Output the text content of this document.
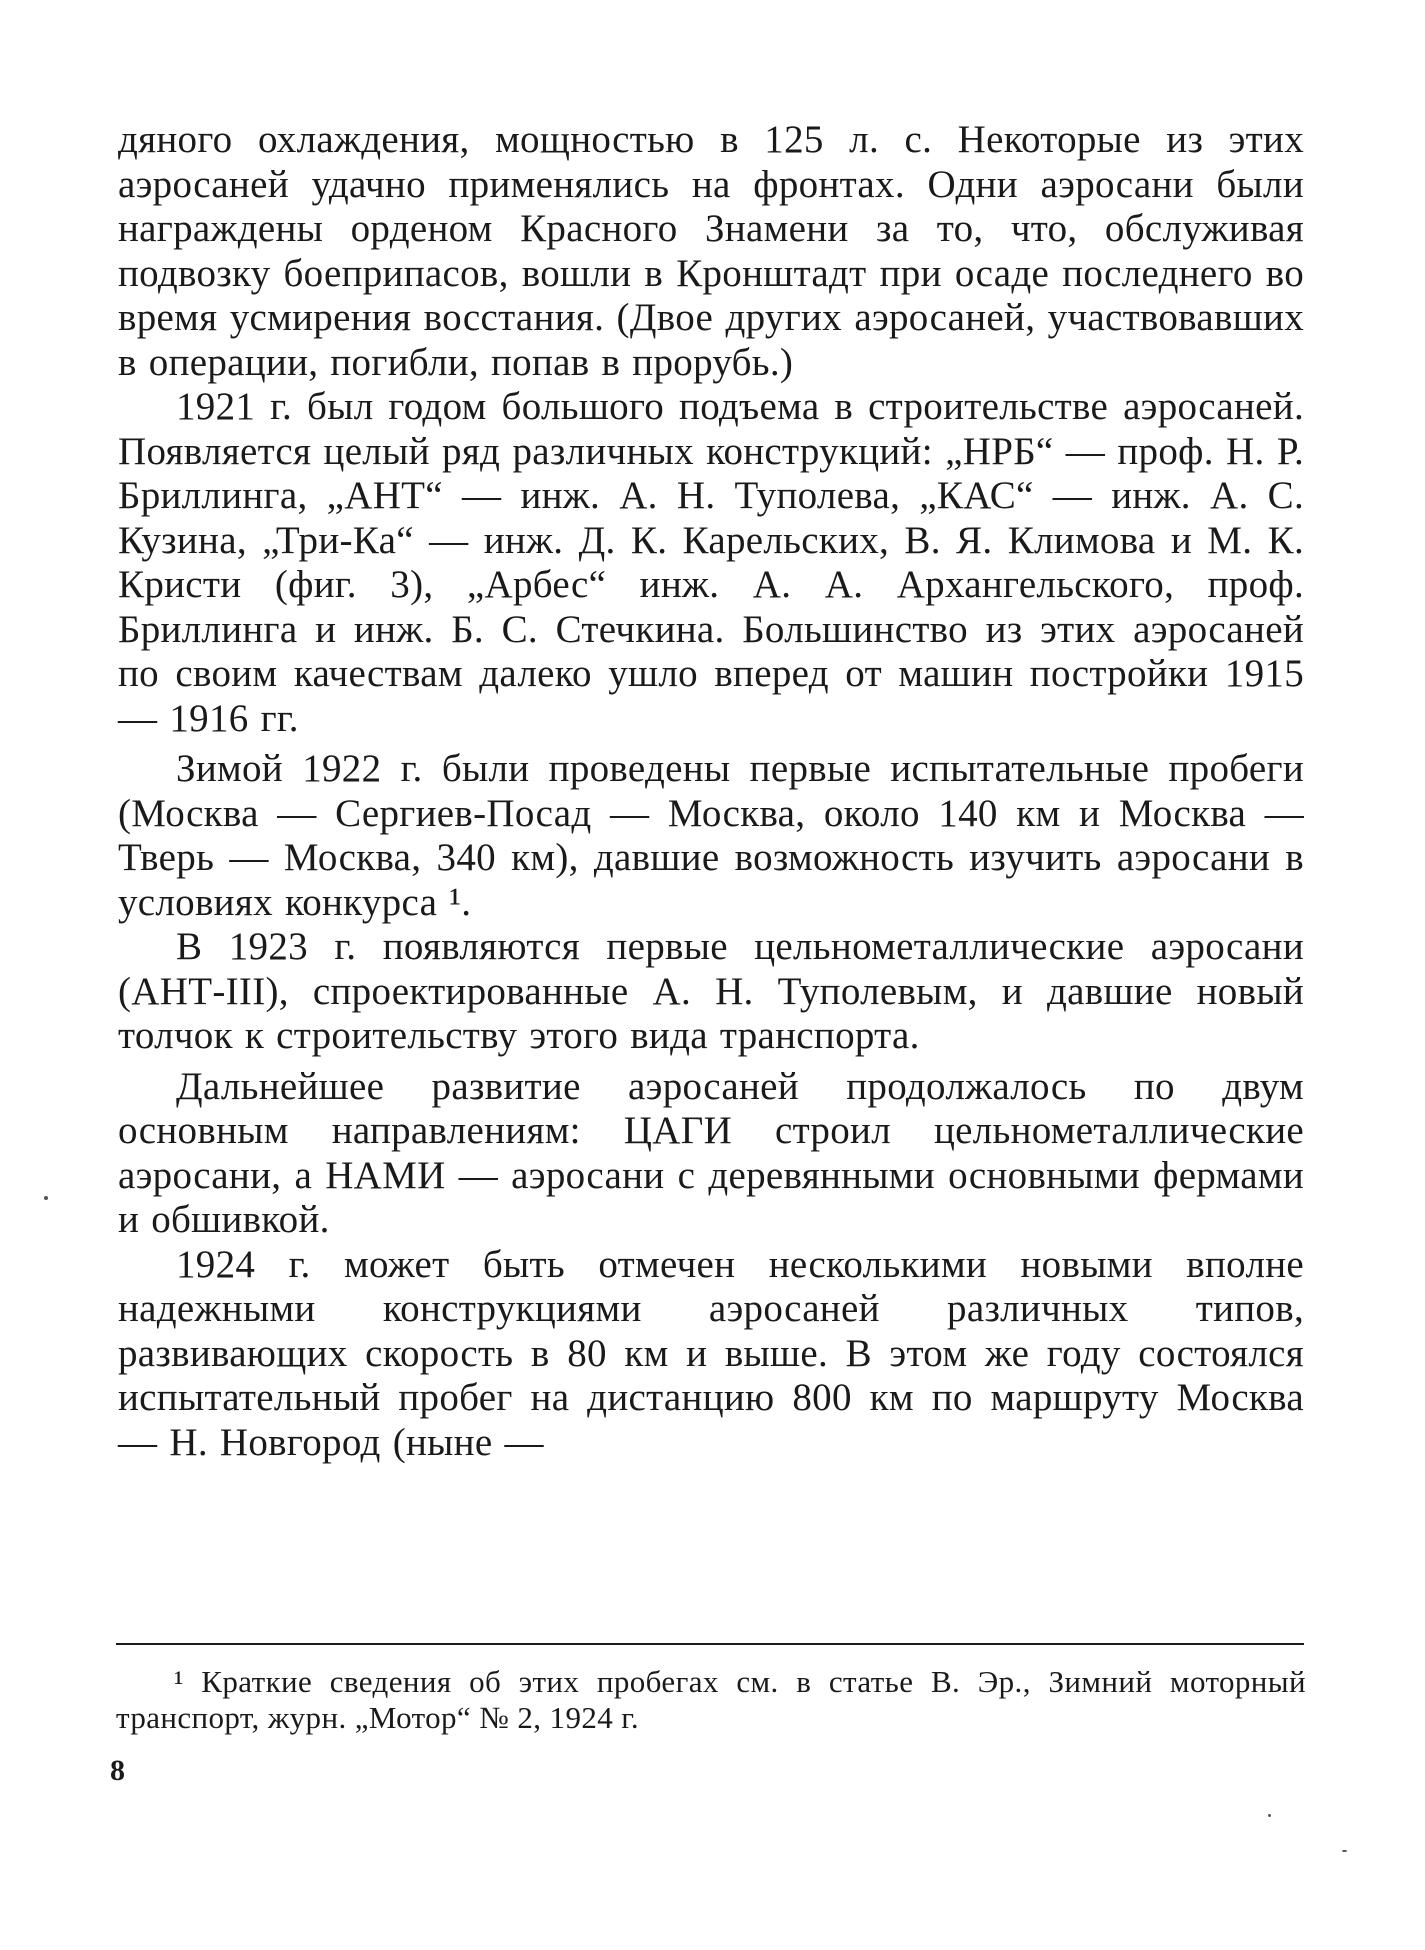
дяного охлаждения, мощностью в 125 л. с. Некоторые из этих аэросаней удачно применялись на фронтах. Одни аэросани были награждены орденом Красного Знамени за то, что, обслуживая подвозку боеприпасов, вошли в Кронштадт при осаде последнего во время усмирения восстания. (Двое других аэросаней, участвовавших в операции, погибли, попав в прорубь.)

1921 г. был годом большого подъема в строительстве аэросаней. Появляется целый ряд различных конструкций: „НРБ“ — проф. Н. Р. Бриллинга, „АНТ“ — инж. А. Н. Туполева, „КАС“ — инж. А. С. Кузина, „Три-Ка“ — инж. Д. К. Карельских, В. Я. Климова и М. К. Кристи (фиг. 3), „Арбес“ инж. А. А. Архангельского, проф. Бриллинга и инж. Б. С. Стечкина. Большинство из этих аэросаней по своим качествам далеко ушло вперед от машин постройки 1915 — 1916 гг.

Зимой 1922 г. были проведены первые испытательные пробеги (Москва — Сергиев-Посад — Москва, около 140 км и Москва — Тверь — Москва, 340 км), давшие возможность изучить аэросани в условиях конкурса ¹.

В 1923 г. появляются первые цельнометаллические аэросани (АНТ-III), спроектированные А. Н. Туполевым, и давшие новый толчок к строительству этого вида транспорта.

Дальнейшее развитие аэросаней продолжалось по двум основным направлениям: ЦАГИ строил цельнометаллические аэросани, а НАМИ — аэросани с деревянными основными фермами и обшивкой.

1924 г. может быть отмечен несколькими новыми вполне надежными конструкциями аэросаней различных типов, развивающих скорость в 80 км и выше. В этом же году состоялся испытательный пробег на дистанцию 800 км по маршруту Москва — Н. Новгород (ныне —

¹ Краткие сведения об этих пробегах см. в статье В. Эр., Зимний моторный транспорт, журн. „Мотор“ № 2, 1924 г.

8
